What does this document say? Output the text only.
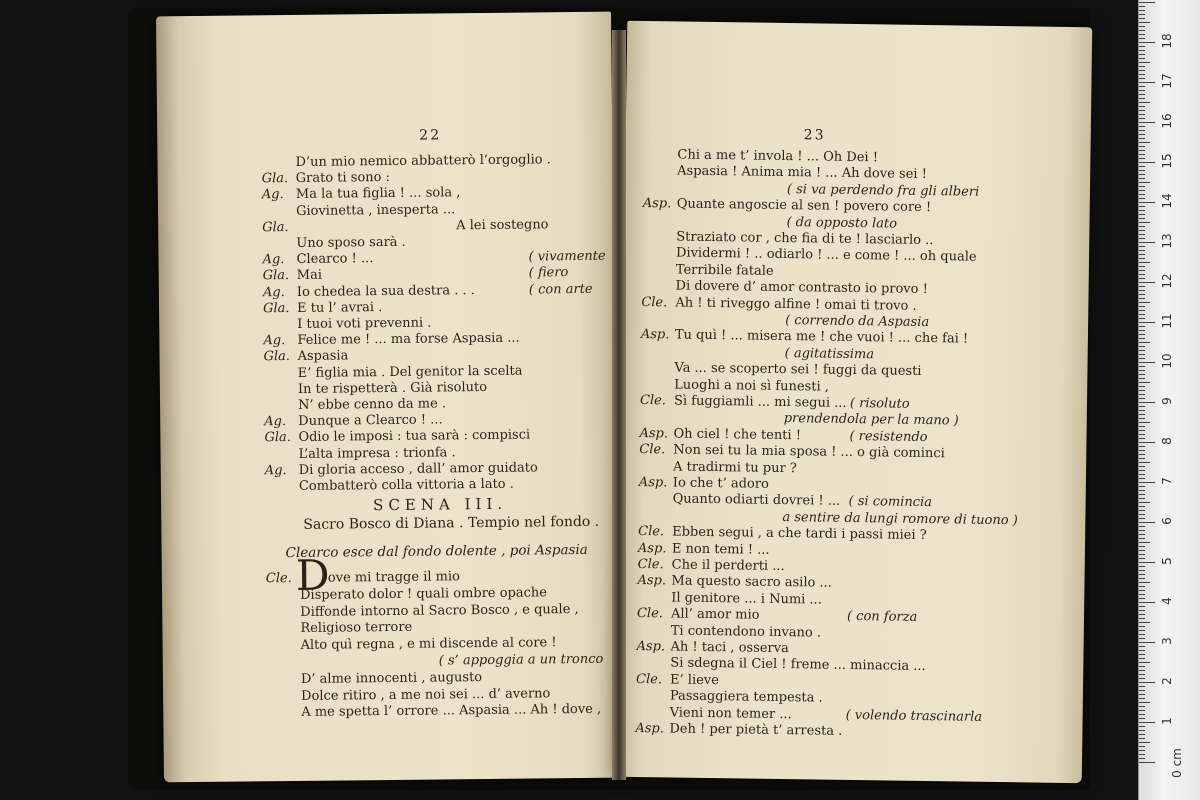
22
D’un mio nemico abbatterò l’orgoglio .
Gla. Grato ti sono :
Ag. Ma la tua figlia ! ... sola ,
Giovinetta , inesperta ...
Gla.	A lei sostegno
Uno sposo sarà .
Ag. Clearco ! ...	( vivamente
Gla. Mai	( fiero
Ag. Io chedea la sua destra . . .	( con arte
Gla. E tu l’ avrai .
I tuoi voti prevenni .
Ag. Felice me ! ... ma forse Aspasia ...
Gla. Aspasia
E’ figlia mia . Del genitor la scelta
In te rispetterà . Già risoluto
N’ ebbe cenno da me .
Ag. Dunque a Clearco ! ...
Gla. Odio le imposi : tua sarà : compisci
L’alta impresa : trionfa .
Ag. Di gloria acceso , dall’ amor guidato
Combatterò colla vittoria a lato .
SCENA III.
Sacro Bosco di Diana . Tempio nel fondo .
Clearco esce dal fondo dolente , poi Aspasia
D
Cle.	ove mi tragge il mio
Disperato dolor ! quali ombre opache
Diffonde intorno al Sacro Bosco , e quale ,
Religioso terrore
Alto quì regna , e mi discende al core !
( s’ appoggia a un tronco
D’ alme innocenti , augusto
Dolce ritiro , a me noi sei ... d’ averno
A me spetta l’ orrore ... Aspasia ... Ah ! dove ,
23
Chi a me t’ invola ! ... Oh Dei !
Aspasia ! Anima mia ! ... Ah dove sei !
( si va perdendo fra gli alberi
Asp. Quante angoscie al sen ! povero core !
( da opposto lato
Straziato cor , che fia di te ! lasciarlo ..
Dividermi ! .. odiarlo ! ... e come ! ... oh quale
Terribile fatale
Di dovere d’ amor contrasto io provo !
Cle. Ah ! ti riveggo alfine ! omai ti trovo .
( correndo da Aspasia
Asp. Tu quì ! ... misera me ! che vuoi ! ... che fai !
( agitatissima
Va ... se scoperto sei ! fuggi da questi
Luoghi a noi sì funesti ,
Cle. Sì fuggiamli ... mi segui ... ( risoluto
prendendola per la mano )
Asp. Oh ciel ! che tenti !	( resistendo
Cle. Non sei tu la mia sposa ! ... o già cominci
A tradirmi tu pur ?
Asp. Io che t’ adoro
Quanto odiarti dovrei ! ... ( si comincia
a sentire da lungi romore di tuono )
Cle. Ebben segui , a che tardi i passi miei ?
Asp. E non temi ! ...
Cle. Che il perderti ...
Asp. Ma questo sacro asilo ...
Il genitore ... i Numi ...
Cle. All’ amor mio	( con forza
Ti contendono invano .
Asp. Ah ! taci , osserva
Si sdegna il Ciel ! freme ... minaccia ...
Cle. E’ lieve
Passaggiera tempesta .
Vieni non temer ...	( volendo trascinarla
Asp. Deh ! per pietà t’ arresta .
1
2
3
4
5
6
7
8
9
10
11
12
13
14
15
16
17
18
0 cm
